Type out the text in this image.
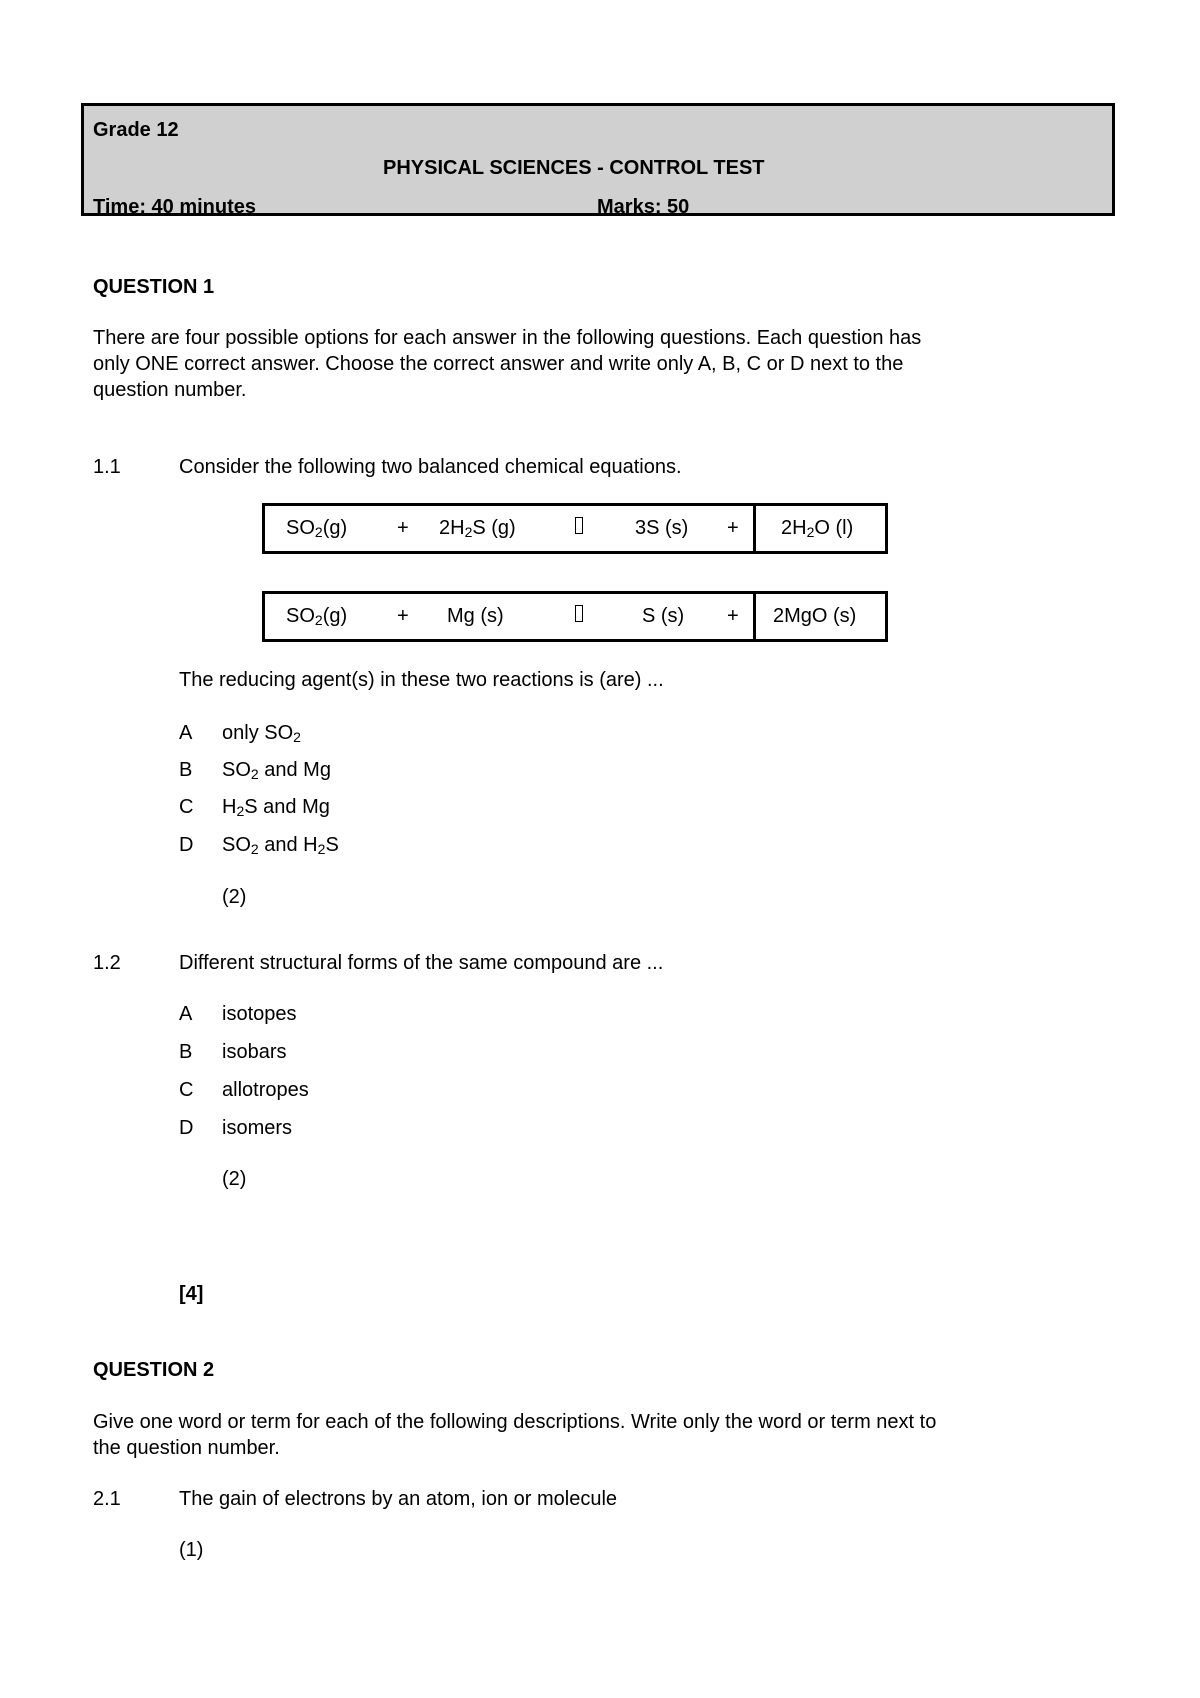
Grade 12
PHYSICAL SCIENCES - CONTROL TEST
Time: 40 minutes	Marks: 50
QUESTION 1
There are four possible options for each answer in the following questions. Each question has
only ONE correct answer. Choose the correct answer and write only A, B, C or D next to the
question number.
1.1	Consider the following two balanced chemical equations.
$SO_2(g) + 2H_2S$ (g)	3S $(s) + 2H_2O$ (l)
$SO_2(g) + Mg$ (s)	S (s) + 2MgO (s)
The reducing agent(s) in these two reactions is (are) ...
A only $SO_2$
B $SO_2$ and Mg
C $H_2S$ and Mg
D $SO_2$ and $H_2S$
(2)
1.2	Different structural forms of the same compound are ...
A isotopes
B isobars
C allotropes
D isomers
(2)
[4]
QUESTION 2
Give one word or term for each of the following descriptions. Write only the word or term next to
the question number.
2.1	The gain of electrons by an atom, ion or molecule
(1)
